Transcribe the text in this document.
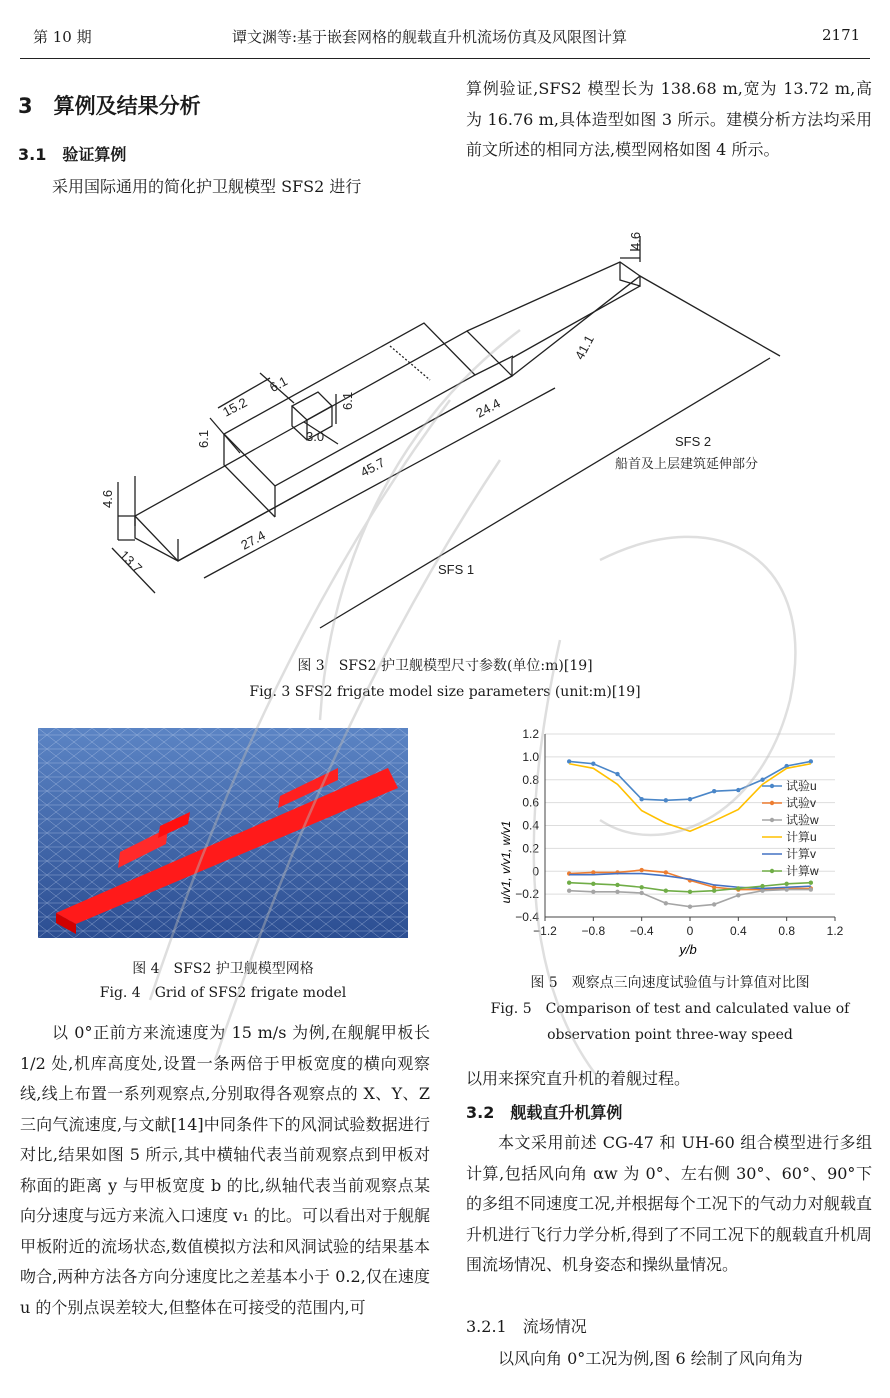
第 10 期	谭文渊等:基于嵌套网格的舰载直升机流场仿真及风限图计算	2171
3　算例及结果分析
3.1　验证算例
采用国际通用的简化护卫舰模型 SFS2 进行
算例验证,SFS2 模型长为 138.68 m,宽为 13.72 m,高为 16.76 m,具体造型如图 3 所示。建模分析方法均采用前文所述的相同方法,模型网格如图 4 所示。
4.6
13.7
27.4
45.7
24.4
41.1
6.1
15.2
6.1
6.1
3.0
4.6
SFS 1
SFS 2
船首及上层建筑延伸部分
图 3　SFS2 护卫舰模型尺寸参数(单位:m)[19]
Fig. 3 SFS2 frigate model size parameters (unit:m)[19]
图 4　SFS2 护卫舰模型网格
Fig. 4　Grid of SFS2 frigate model
1.2
1.0
0.8
0.6
0.4
0.2
0
−0.2
−0.4
−1.2 −0.8 −0.4	0	0.4	0.8	1.2
试验u
试验v
试验w
计算u
计算v
计算w
u/v1, v/v1, w/v1
y/b
图 5　观察点三向速度试验值与计算值对比图
Fig. 5　Comparison of test and calculated value of
observation point three-way speed
以 0°正前方来流速度为 15 m/s 为例,在舰艉甲板长 1/2 处,机库高度处,设置一条两倍于甲板宽度的横向观察线,线上布置一系列观察点,分别取得各观察点的 X、Y、Z 三向气流速度,与文献[14]中同条件下的风洞试验数据进行对比,结果如图 5 所示,其中横轴代表当前观察点到甲板对称面的距离 y 与甲板宽度 b 的比,纵轴代表当前观察点某向分速度与远方来流入口速度 v₁ 的比。可以看出对于舰艉甲板附近的流场状态,数值模拟方法和风洞试验的结果基本吻合,两种方法各方向分速度比之差基本小于 0.2,仅在速度 u 的个别点误差较大,但整体在可接受的范围内,可
以用来探究直升机的着舰过程。
3.2　舰载直升机算例
本文采用前述 CG-47 和 UH-60 组合模型进行多组计算,包括风向角 αw 为 0°、左右侧 30°、60°、90°下的多组不同速度工况,并根据每个工况下的气动力对舰载直升机进行飞行力学分析,得到了不同工况下的舰载直升机周围流场情况、机身姿态和操纵量情况。
3.2.1　流场情况
以风向角 0°工况为例,图 6 绘制了风向角为
